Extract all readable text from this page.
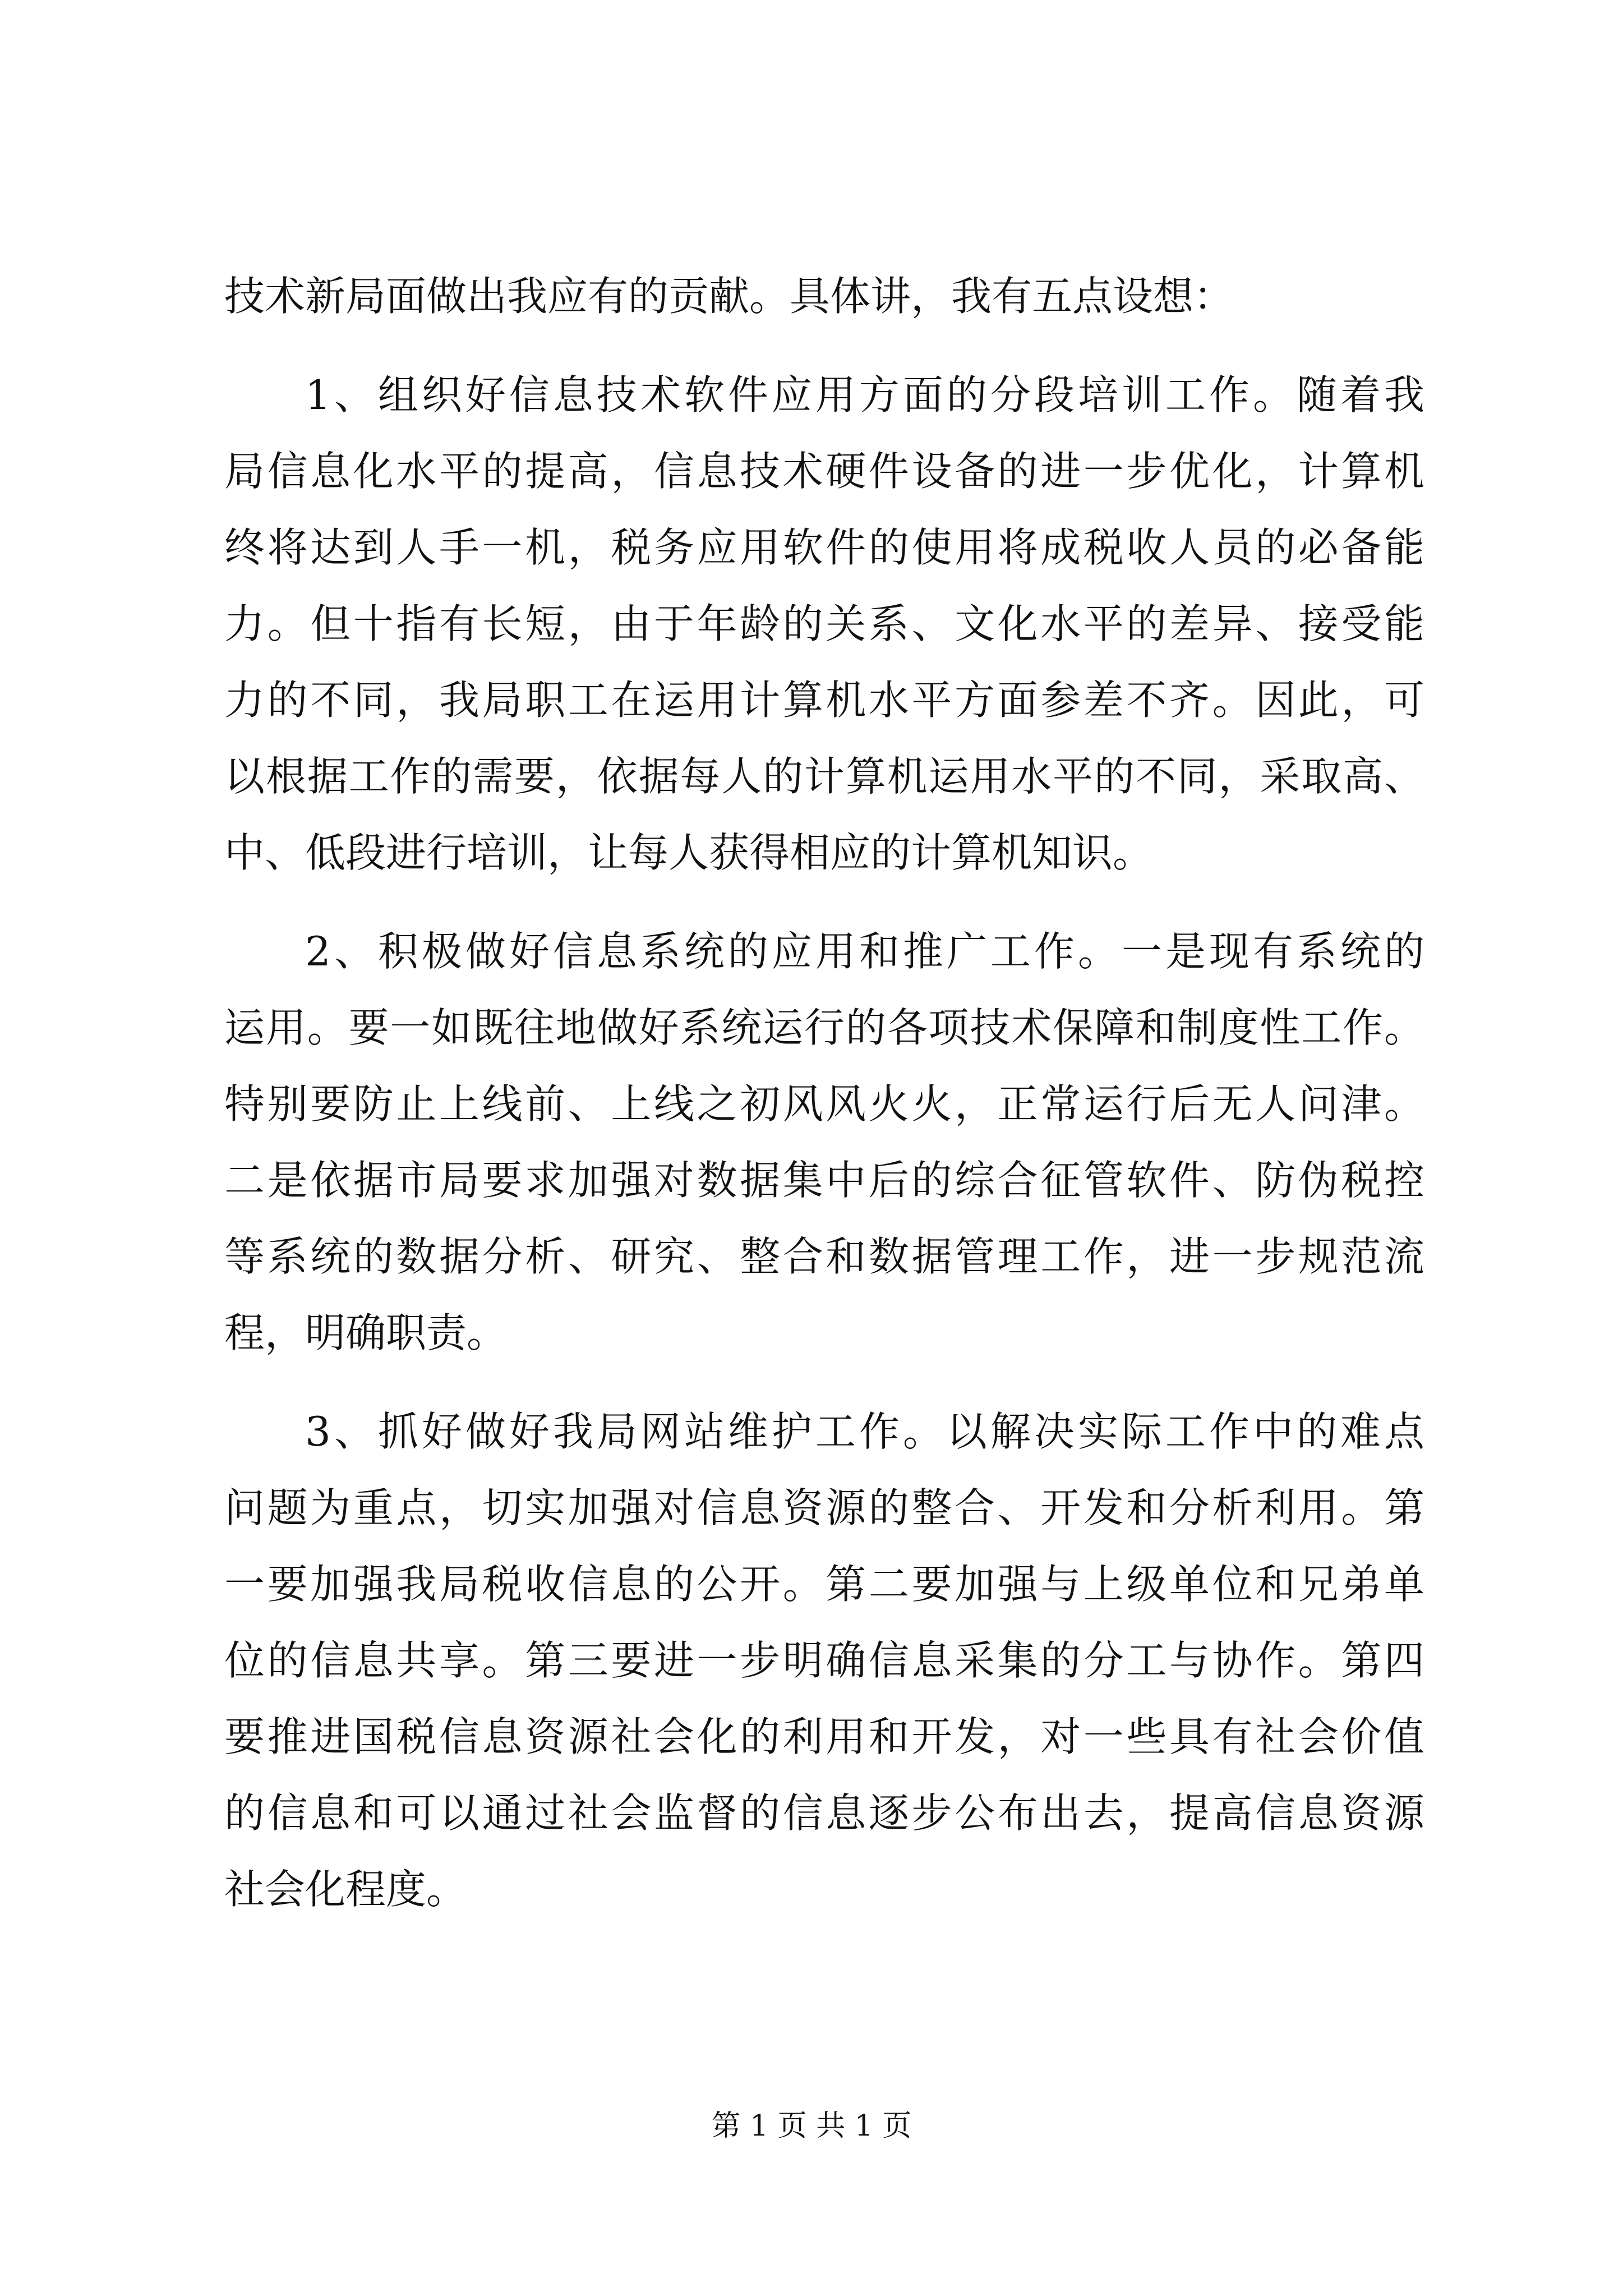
技术新局面做出我应有的贡献。具体讲，我有五点设想：
1、组织好信息技术软件应用方面的分段培训工作。随着我
局信息化水平的提高，信息技术硬件设备的进一步优化，计算机
终将达到人手一机，税务应用软件的使用将成税收人员的必备能
力。但十指有长短，由于年龄的关系、文化水平的差异、接受能
力的不同，我局职工在运用计算机水平方面参差不齐。因此，可
以根据工作的需要，依据每人的计算机运用水平的不同，采取高、
中、低段进行培训，让每人获得相应的计算机知识。
2、积极做好信息系统的应用和推广工作。一是现有系统的
运用。要一如既往地做好系统运行的各项技术保障和制度性工作。
特别要防止上线前、上线之初风风火火，正常运行后无人问津。
二是依据市局要求加强对数据集中后的综合征管软件、防伪税控
等系统的数据分析、研究、整合和数据管理工作，进一步规范流
程，明确职责。
3、抓好做好我局网站维护工作。以解决实际工作中的难点
问题为重点，切实加强对信息资源的整合、开发和分析利用。第
一要加强我局税收信息的公开。第二要加强与上级单位和兄弟单
位的信息共享。第三要进一步明确信息采集的分工与协作。第四
要推进国税信息资源社会化的利用和开发，对一些具有社会价值
的信息和可以通过社会监督的信息逐步公布出去，提高信息资源
社会化程度。
第 1 页 共 1 页
